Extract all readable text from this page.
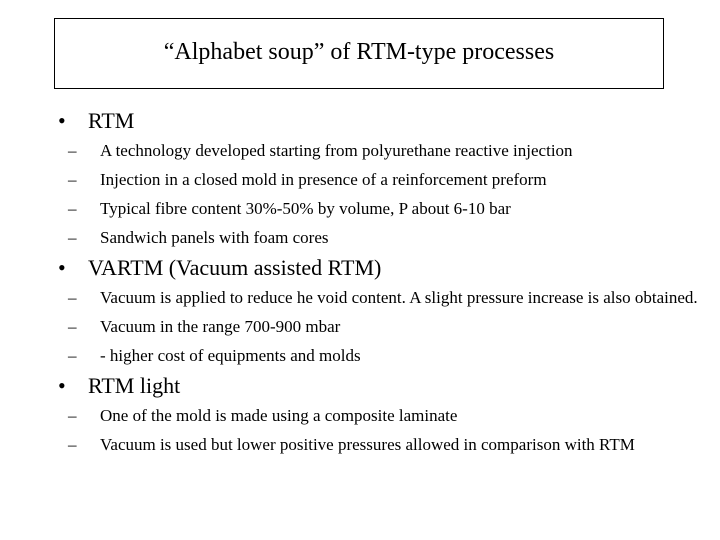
“Alphabet soup” of RTM-type processes
•	RTM
–	A technology developed starting from polyurethane reactive injection
–	Injection in a closed mold in presence of a reinforcement preform
–	Typical fibre content 30%-50% by volume, P about 6-10 bar
–	Sandwich panels with foam cores
•	VARTM (Vacuum assisted RTM)
–	Vacuum is applied to reduce he void content. A slight pressure increase is also obtained.
–	Vacuum in the range 700-900 mbar
–	- higher cost of equipments and molds
•	RTM light
–	One of the mold is made using a composite laminate
–	Vacuum is used but lower positive pressures allowed in comparison with RTM
